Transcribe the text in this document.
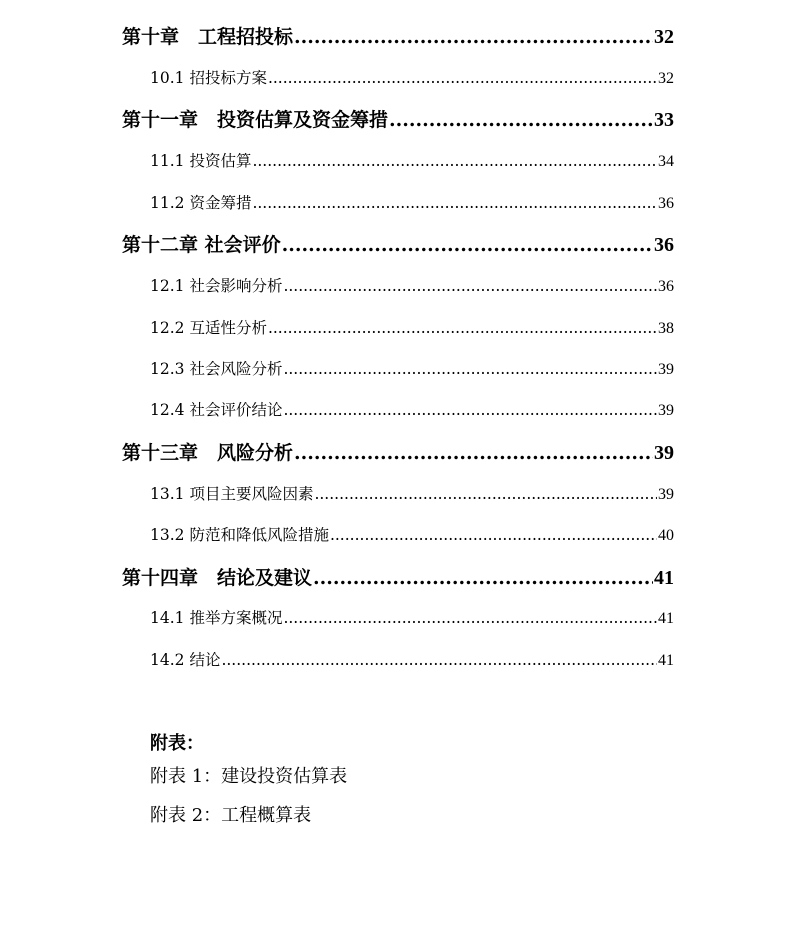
第十章　工程招投标 .....	32
10.1 招投标方案 .....	32
第十一章　投资估算及资金筹措 .....	33
11.1 投资估算 .....	34
11.2 资金筹措 .....	36
第十二章 社会评价 .....	36
12.1 社会影响分析 .....	36
12.2 互适性分析 .....	38
12.3 社会风险分析 .....	39
12.4 社会评价结论 .....	39
第十三章　风险分析 .....	39
13.1 项目主要风险因素 .....	39
13.2 防范和降低风险措施 .....	40
第十四章　结论及建议 .....	41
14.1 推举方案概况 .....	41
14.2 结论 .....	41
附表：
附表 1：建设投资估算表
附表 2：工程概算表
